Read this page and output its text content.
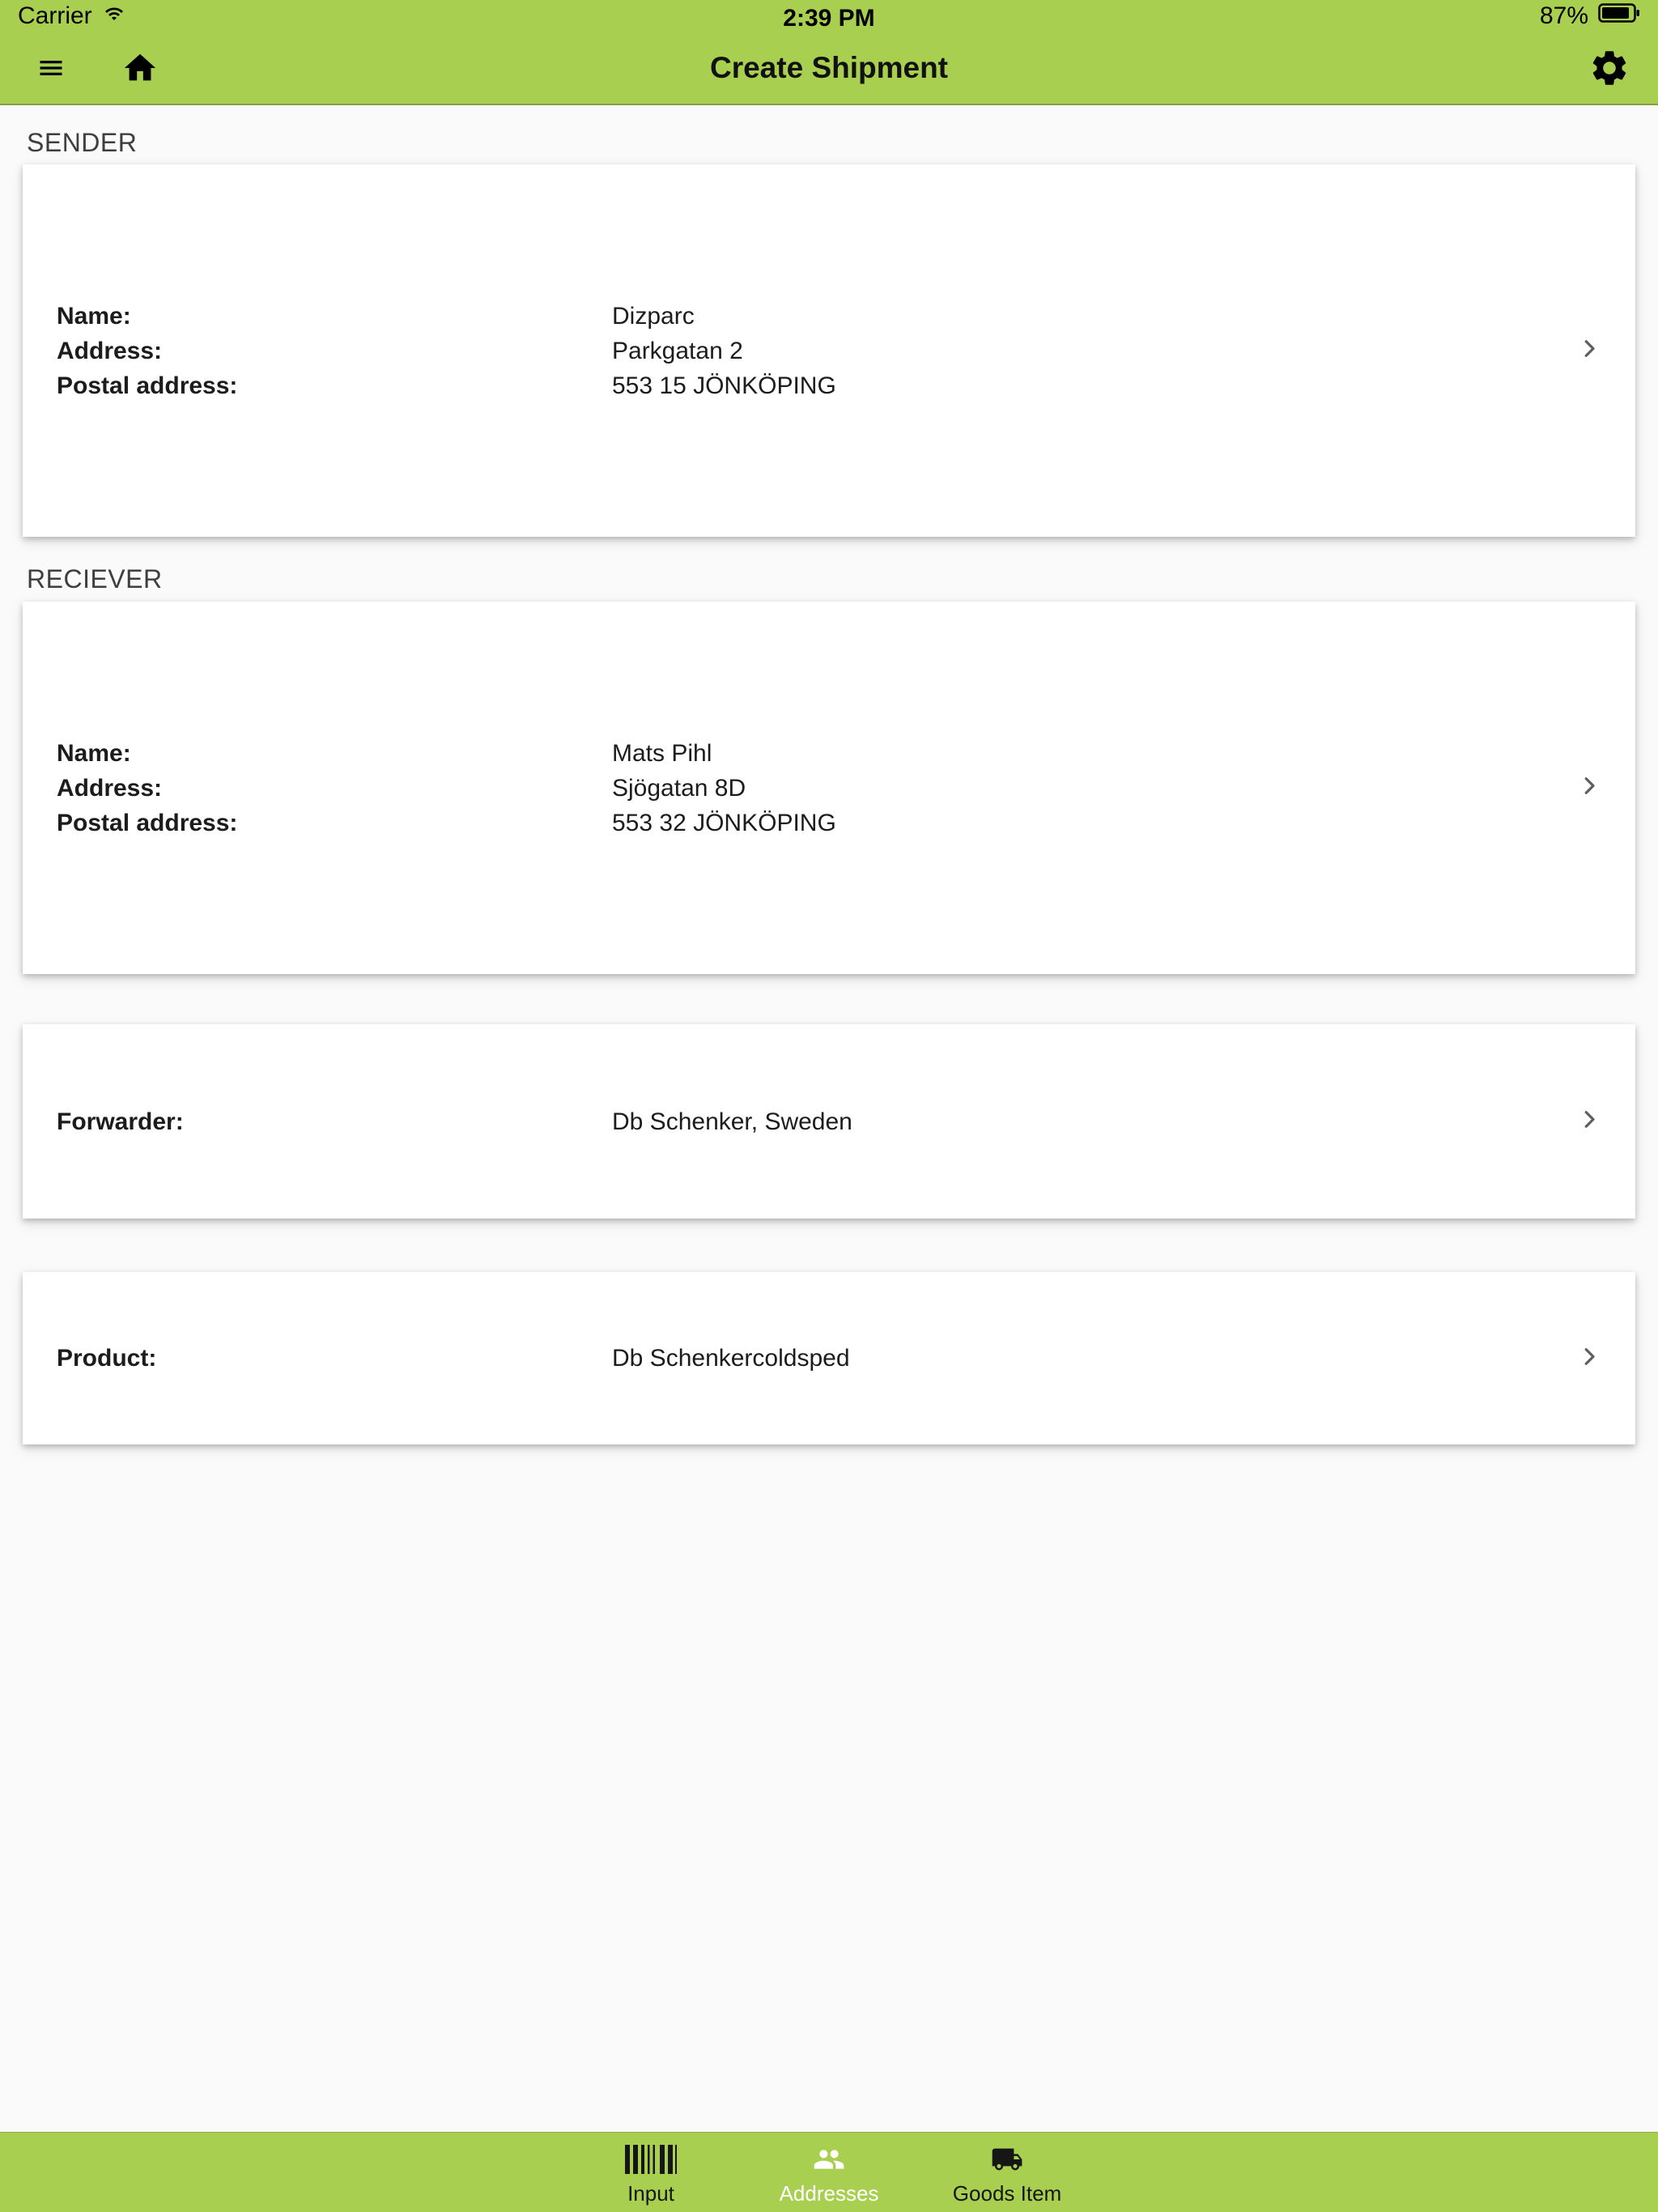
Carrier	2:39 PM	87%
Create Shipment
SENDER
Name:	Dizparc
Address:	Parkgatan 2
Postal address:	553 15 JÖNKÖPING
RECIEVER
Name:	Mats Pihl
Address:	Sjögatan 8D
Postal address:	553 32 JÖNKÖPING
Forwarder:	Db Schenker, Sweden
Product:	Db Schenkercoldsped
Input	Addresses	Goods Item
